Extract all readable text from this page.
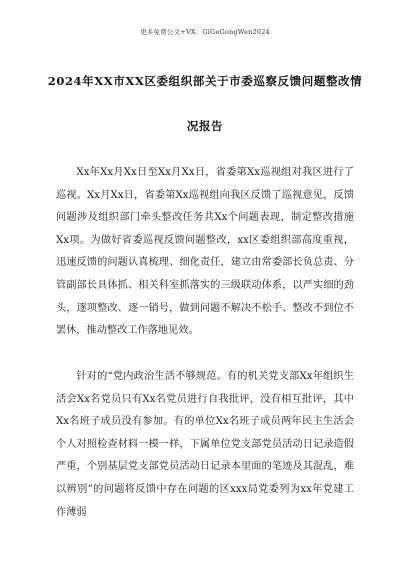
更多免费公文+VX：GiGeGongWen2024
2024年XX市XX区委组织部关于市委巡察反馈问题整改情
况报告

Xx年Xx月Xx日至Xx月Xx日，省委第Xx巡视组对我区进行了巡视。Xx月Xx日，省委第Xx巡视组向我区反馈了巡视意见，反馈问题涉及组织部门牵头整改任务共Xx个问题表现，制定整改措施Xx项。为做好省委巡视反馈问题整改，xx区委组织部高度重视，迅速反馈的问题认真梳理、细化责任，建立由常委部长负总责、分管副部长具体抓、相关科室抓落实的三级联动体系，以严实细的劲头，逐项整改、逐一销号，做到问题不解决不松手、整改不到位不罢休，推动整改工作落地见效。

针对的“党内政治生活不够规范。有的机关党支部Xx年组织生活会Xx名党员只有Xx名党员进行自我批评，没有相互批评，其中Xx名班子成员没有参加。有的单位Xx名班子成员两年民主生活会个人对照检查材料一模一样，下属单位党支部党员活动日记录造假严重，个别基层党支部党员活动日记录本里面的笔迹及其混乱，难以辨别”的问题将反馈中存在问题的区xxx局党委列为xx年党建工作薄弱
